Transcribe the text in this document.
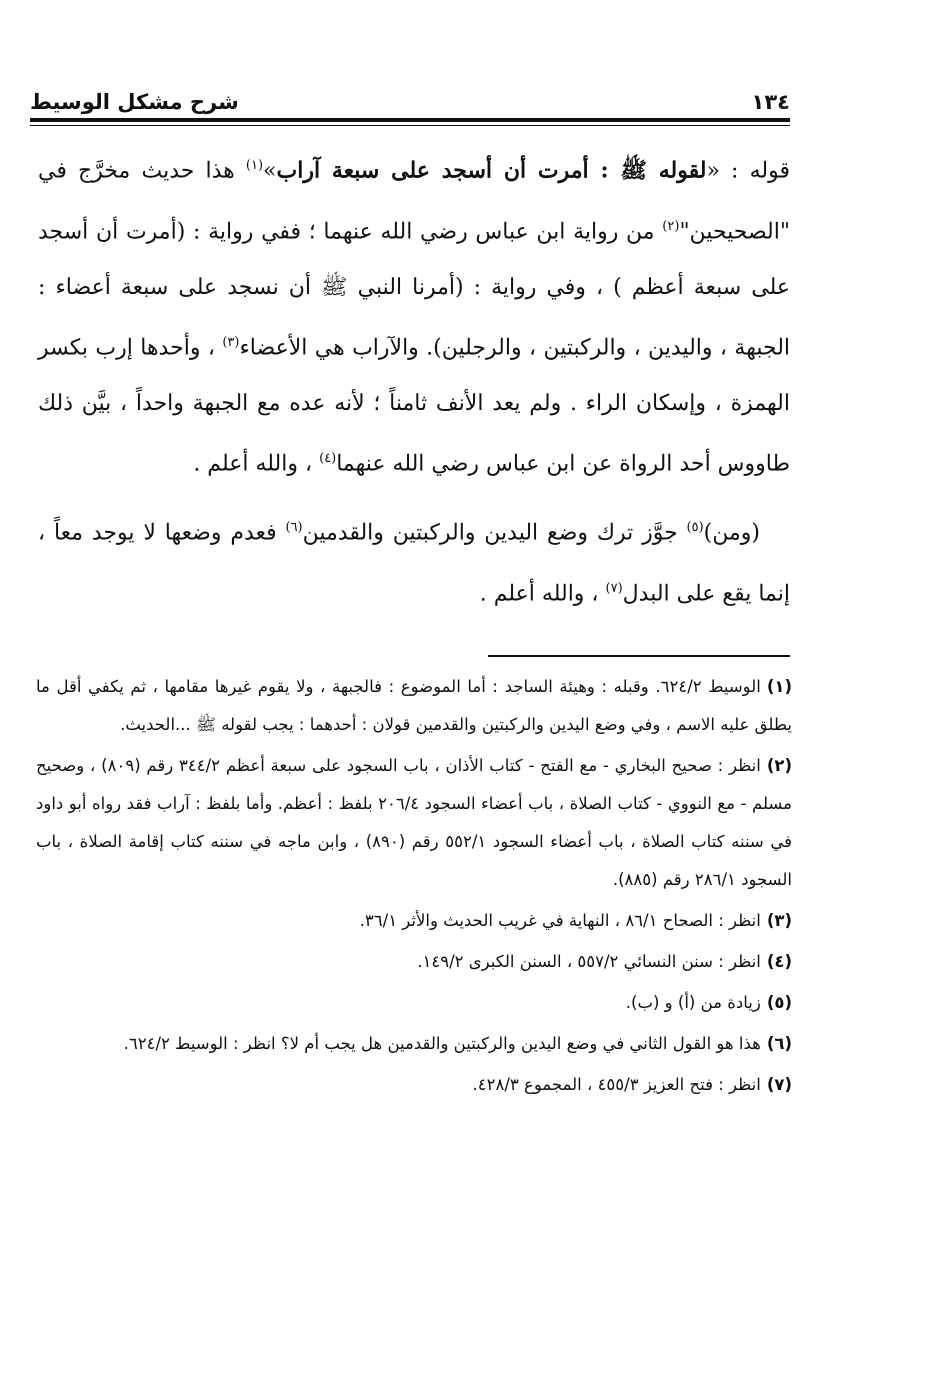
١٣٤
شرح مشكل الوسيط

قوله : «لقوله ﷺ : أمرت أن أسجد على سبعة آراب»$^{(١)}$ هذا حديث مخرَّج في "الصحيحين"$^{(٢)}$ من رواية ابن عباس رضي الله عنهما ؛ ففي رواية : (أمرت أن أسجد على سبعة أعظم ) ، وفي رواية : (أمرنا النبي ﷺ أن نسجد على سبعة أعضاء : الجبهة ، واليدين ، والركبتين ، والرجلين). والآراب هي الأعضاء$^{(٣)}$ ، وأحدها إرب بكسر الهمزة ، وإسكان الراء . ولم يعد الأنف ثامناً ؛ لأنه عده مع الجبهة واحداً ، بيَّن ذلك طاووس أحد الرواة عن ابن عباس رضي الله عنهما$^{(٤)}$ ، والله أعلم .

(ومن)$^{(٥)}$ جوَّز ترك وضع اليدين والركبتين والقدمين$^{(٦)}$ فعدم وضعها لا يوجد معاً ، إنما يقع على البدل$^{(٧)}$ ، والله أعلم .

(١)الوسيط ٦٢٤/٢. وقبله : وهيئة الساجد : أما الموضوع : فالجبهة ، ولا يقوم غيرها مقامها ، ثم يكفي أقل ما يطلق عليه الاسم ، وفي وضع اليدين والركبتين والقدمين قولان : أحدهما : يجب لقوله ﷺ ...الحديث.

(٢)انظر : صحيح البخاري - مع الفتح - كتاب الأذان ، باب السجود على سبعة أعظم ٣٤٤/٢ رقم (٨٠٩) ، وصحيح مسلم - مع النووي - كتاب الصلاة ، باب أعضاء السجود ٢٠٦/٤ بلفظ : أعظم. وأما بلفظ : آراب فقد رواه أبو داود في سننه كتاب الصلاة ، باب أعضاء السجود ٥٥٢/١ رقم (٨٩٠) ، وابن ماجه في سننه كتاب إقامة الصلاة ، باب السجود ٢٨٦/١ رقم (٨٨٥).

(٣)انظر : الصحاح ٨٦/١ ، النهاية في غريب الحديث والأثر ٣٦/١.

(٤)انظر : سنن النسائي ٥٥٧/٢ ، السنن الكبرى ١٤٩/٢.

(٥)زيادة من (أ) و (ب).

(٦)هذا هو القول الثاني في وضع اليدين والركبتين والقدمين هل يجب أم لا؟ انظر : الوسيط ٦٢٤/٢.

(٧)انظر : فتح العزيز ٤٥٥/٣ ، المجموع ٤٢٨/٣.
